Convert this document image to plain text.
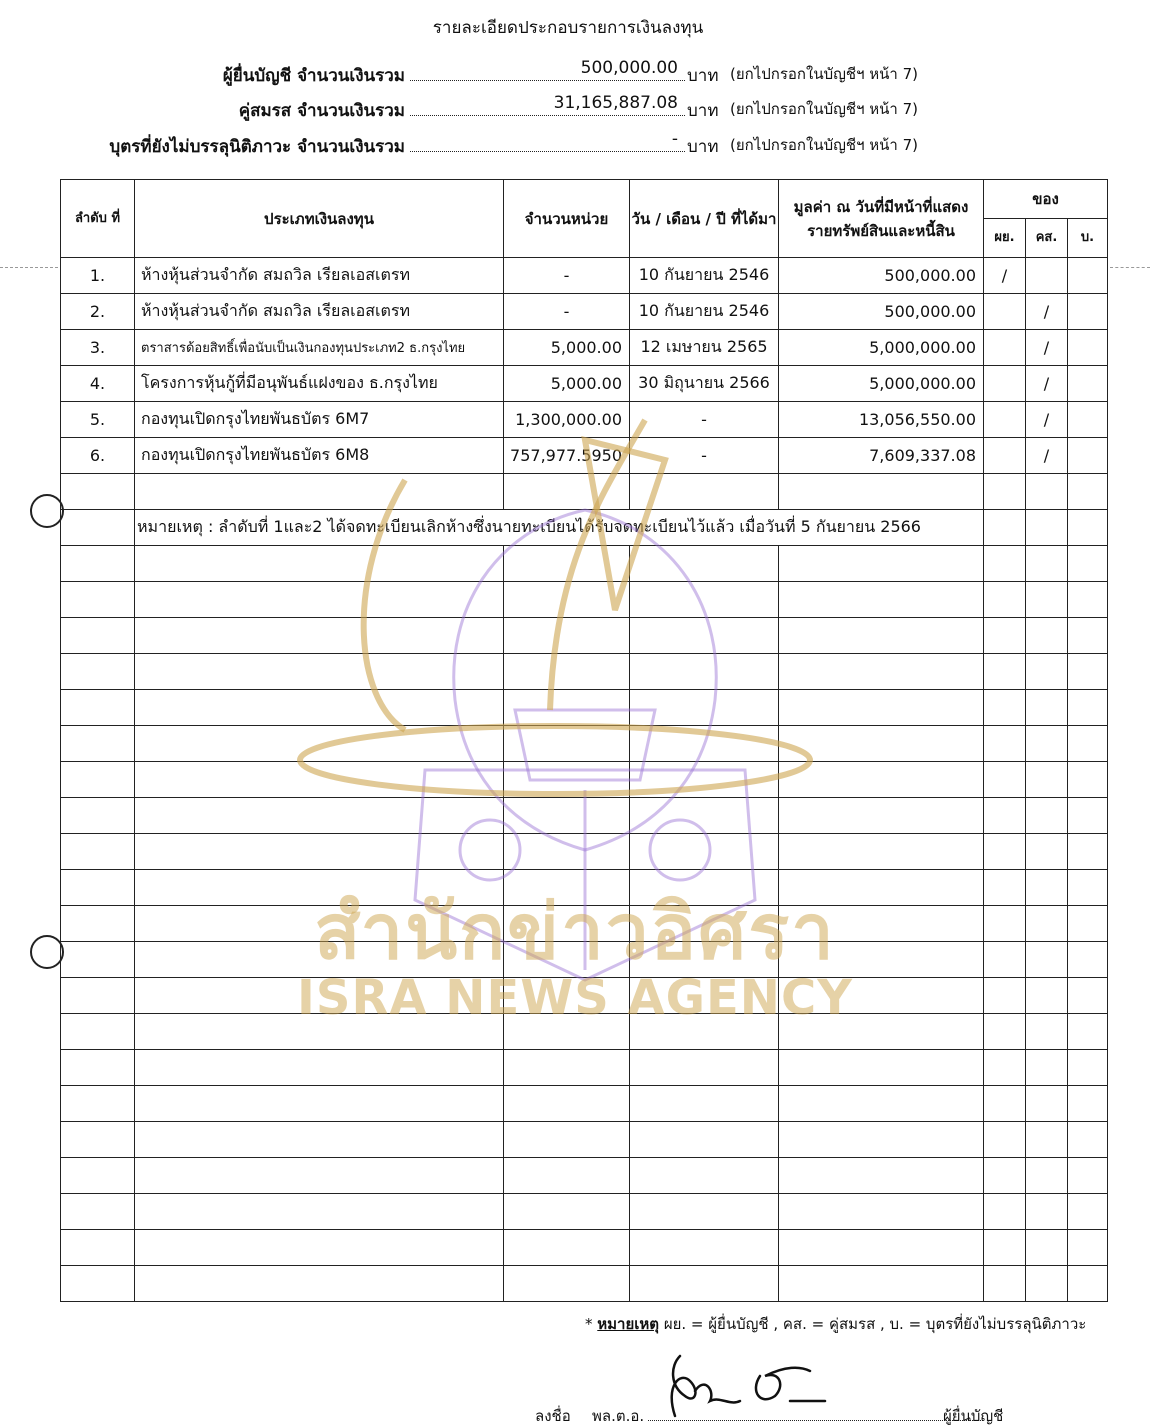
รายละเอียดประกอบรายการเงินลงทุน
ผู้ยื่นบัญชี จำนวนเงินรวม	500,000.00 บาท (ยกไปกรอกในบัญชีฯ หน้า 7)
คู่สมรส จำนวนเงินรวม	31,165,887.08 บาท (ยกไปกรอกในบัญชีฯ หน้า 7)
บุตรที่ยังไม่บรรลุนิติภาวะ จำนวนเงินรวม	- บาท (ยกไปกรอกในบัญชีฯ หน้า 7)
ลำดับ ที่	ประเภทเงินลงทุน	จำนวนหน่วย	วัน / เดือน / ปี ที่ได้มา	มูลค่า ณ วันที่มีหน้าที่แสดง รายทรัพย์สินและหนี้สิน	ของ		
					ผย.	คส.	บ.
1.	ห้างหุ้นส่วนจำกัด สมถวิล เรียลเอสเตรท	-	10 กันยายน 2546	500,000.00	/		
2.	ห้างหุ้นส่วนจำกัด สมถวิล เรียลเอสเตรท	-	10 กันยายน 2546	500,000.00		/	
3.	ตราสารด้อยสิทธิ์เพื่อนับเป็นเงินกองทุนประเภท2 ธ.กรุงไทย	5,000.00	12 เมษายน 2565	5,000,000.00		/	
4.	โครงการหุ้นกู้ที่มีอนุพันธ์แฝงของ ธ.กรุงไทย	5,000.00	30 มิถุนายน 2566	5,000,000.00		/	
5.	กองทุนเปิดกรุงไทยพันธบัตร 6M7	1,300,000.00	-	13,056,550.00		/	
6.	กองทุนเปิดกรุงไทยพันธบัตร 6M8	757,977.5950	-	7,609,337.08		/	

	หมายเหตุ : ลำดับที่ 1และ2 ได้จดทะเบียนเลิกห้างซึ่งนายทะเบียนได้รับจดทะเบียนไว้แล้ว เมื่อวันที่ 5 กันยายน 2566						

สำนักข่าวอิศรา
ISRA NEWS AGENCY
* หมายเหตุ ผย. = ผู้ยื่นบัญชี , คส. = คู่สมรส , บ. = บุตรที่ยังไม่บรรลุนิติภาวะ
ลงชื่อ พล.ต.อ.	ผู้ยื่นบัญชี
